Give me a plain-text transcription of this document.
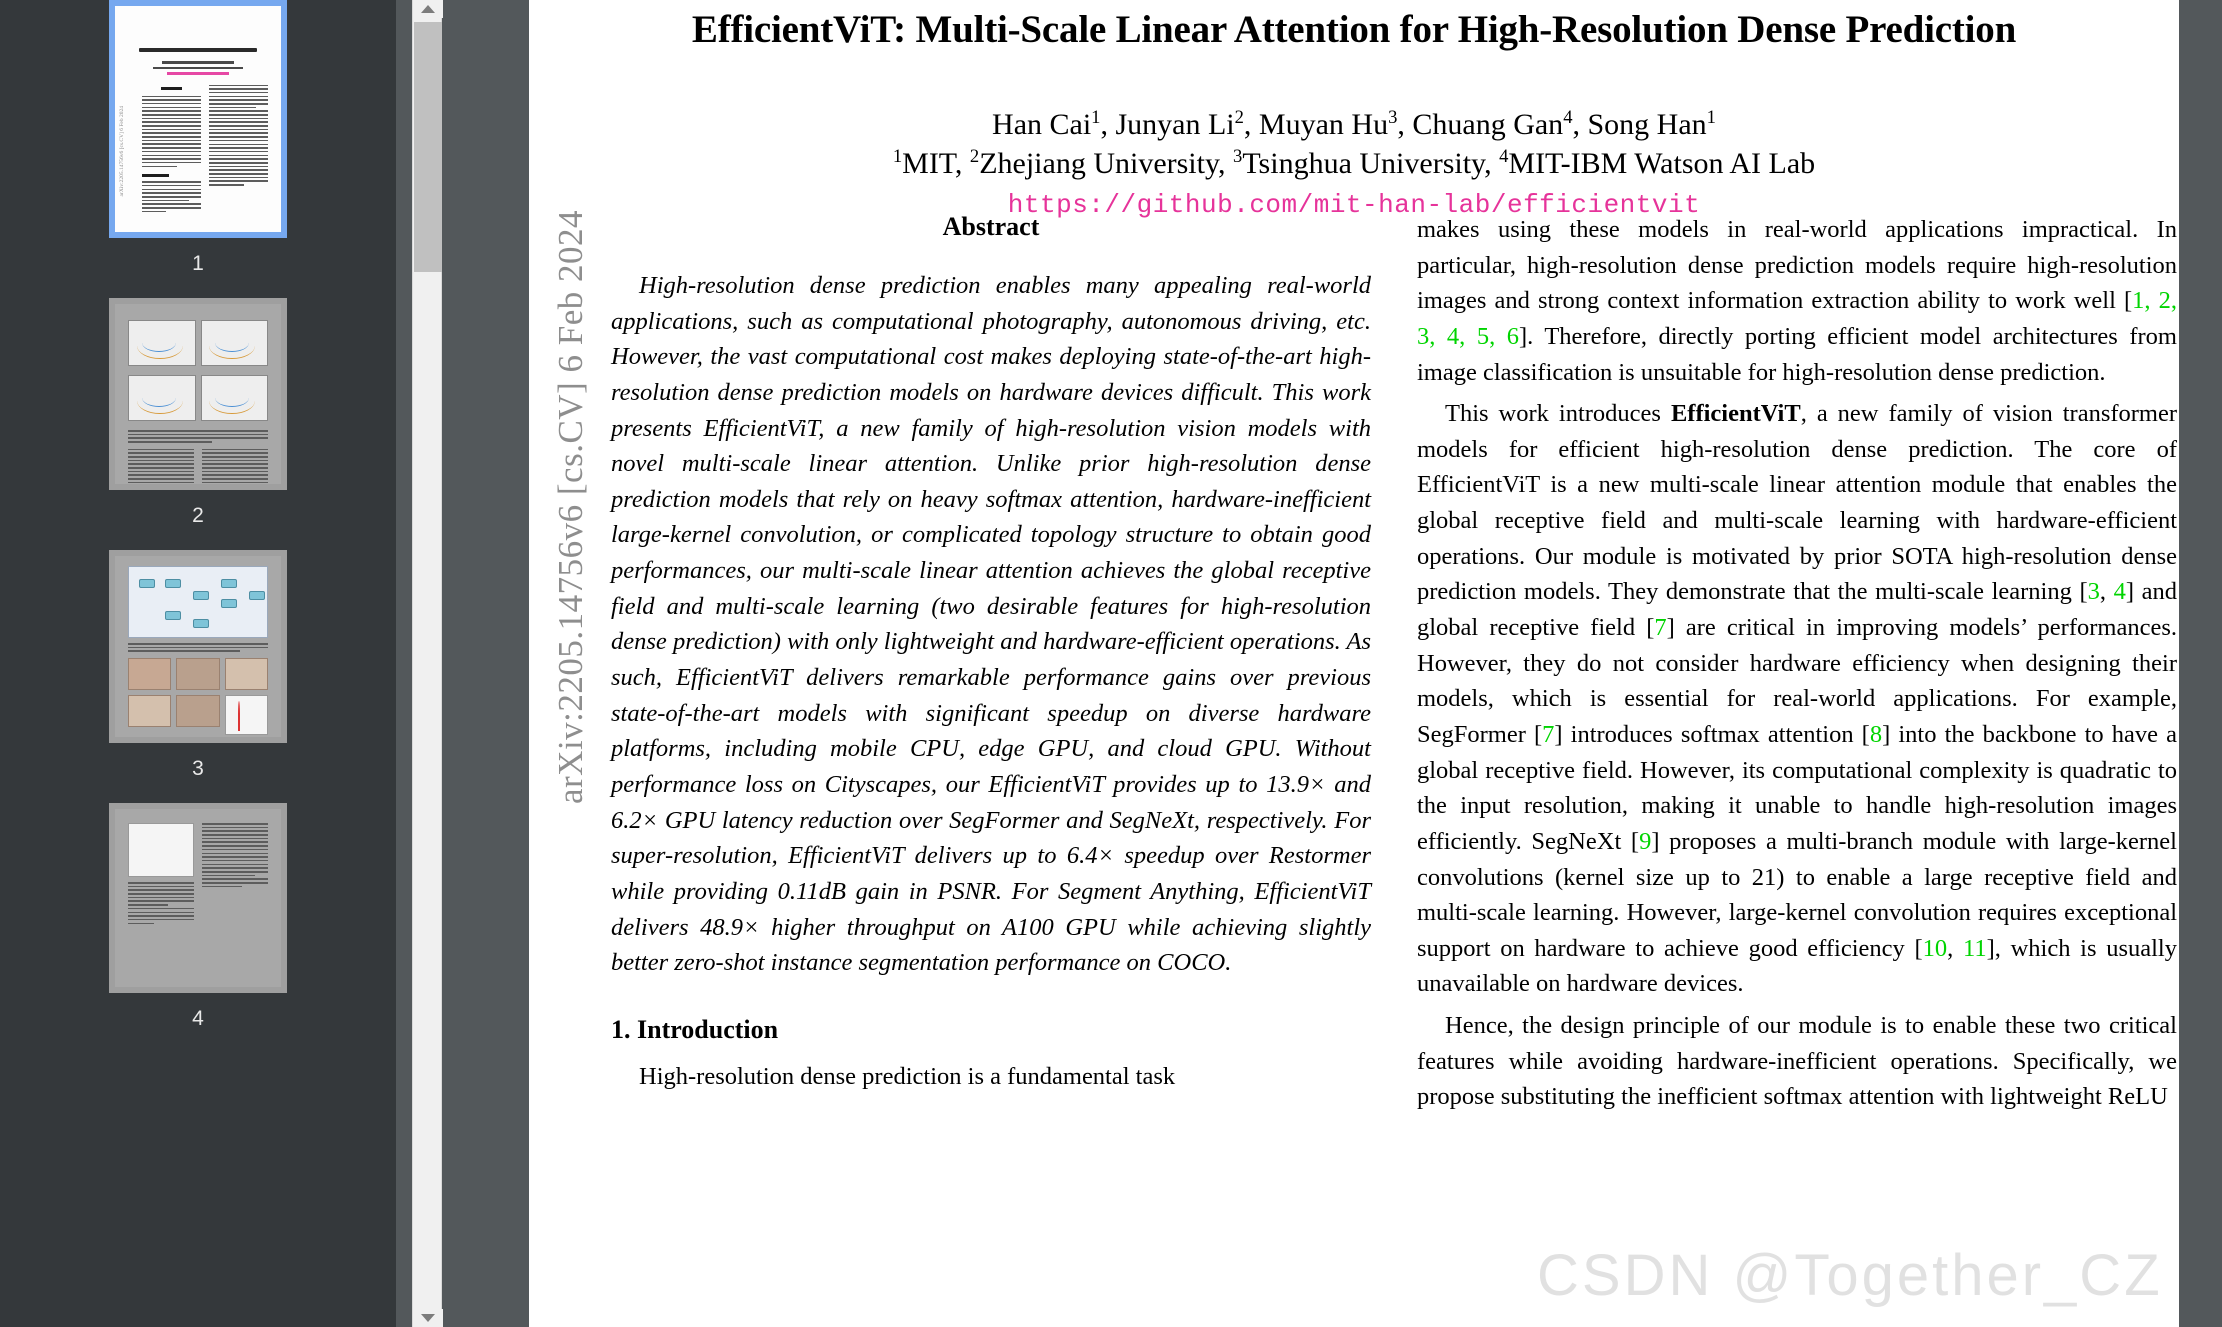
arXiv:2205.14756v6 [cs.CV] 6 Feb 2024
1
2
3
4
arXiv:2205.14756v6 [cs.CV] 6 Feb 2024
EfficientViT: Multi-Scale Linear Attention for High-Resolution Dense Prediction
Han Cai$^1$, Junyan Li$^2$, Muyan Hu$^3$, Chuang Gan$^4$, Song Han$^1$
$^1$MIT, $^2$Zhejiang University, $^3$Tsinghua University, $^4$MIT-IBM Watson AI Lab
https://github.com/mit-han-lab/efficientvit
Abstract
High-resolution dense prediction enables many appealing real-world applications, such as computational photography, autonomous driving, etc. However, the vast computational cost makes deploying state-of-the-art high-resolution dense prediction models on hardware devices difficult. This work presents EfficientViT, a new family of high-resolution vision models with novel multi-scale linear attention. Unlike prior high-resolution dense prediction models that rely on heavy softmax attention, hardware-inefficient large-kernel convolution, or complicated topology structure to obtain good performances, our multi-scale linear attention achieves the global receptive field and multi-scale learning (two desirable features for high-resolution dense prediction) with only lightweight and hardware-efficient operations. As such, EfficientViT delivers remarkable performance gains over previous state-of-the-art models with significant speedup on diverse hardware platforms, including mobile CPU, edge GPU, and cloud GPU. Without performance loss on Cityscapes, our EfficientViT provides up to 13.9× and 6.2× GPU latency reduction over SegFormer and SegNeXt, respectively. For super-resolution, EfficientViT delivers up to 6.4× speedup over Restormer while providing 0.11dB gain in PSNR. For Segment Anything, EfficientViT delivers 48.9× higher throughput on A100 GPU while achieving slightly better zero-shot instance segmentation performance on COCO.
1. Introduction

High-resolution dense prediction is a fundamental task

makes using these models in real-world applications impractical. In particular, high-resolution dense prediction models require high-resolution images and strong context information extraction ability to work well [1, 2, 3, 4, 5, 6]. Therefore, directly porting efficient model architectures from image classification is unsuitable for high-resolution dense prediction.

This work introduces EfficientViT, a new family of vision transformer models for efficient high-resolution dense prediction. The core of EfficientViT is a new multi-scale linear attention module that enables the global receptive field and multi-scale learning with hardware-efficient operations. Our module is motivated by prior SOTA high-resolution dense prediction models. They demonstrate that the multi-scale learning [3, 4] and global receptive field [7] are critical in improving models’ performances. However, they do not consider hardware efficiency when designing their models, which is essential for real-world applications. For example, SegFormer [7] introduces softmax attention [8] into the backbone to have a global receptive field. However, its computational complexity is quadratic to the input resolution, making it unable to handle high-resolution images efficiently. SegNeXt [9] proposes a multi-branch module with large-kernel convolutions (kernel size up to 21) to enable a large receptive field and multi-scale learning. However, large-kernel convolution requires exceptional support on hardware to achieve good efficiency [10, 11], which is usually unavailable on hardware devices.

Hence, the design principle of our module is to enable these two critical features while avoiding hardware-inefficient operations. Specifically, we propose substituting the inefficient softmax attention with lightweight ReLU

CSDN @Together_CZ
